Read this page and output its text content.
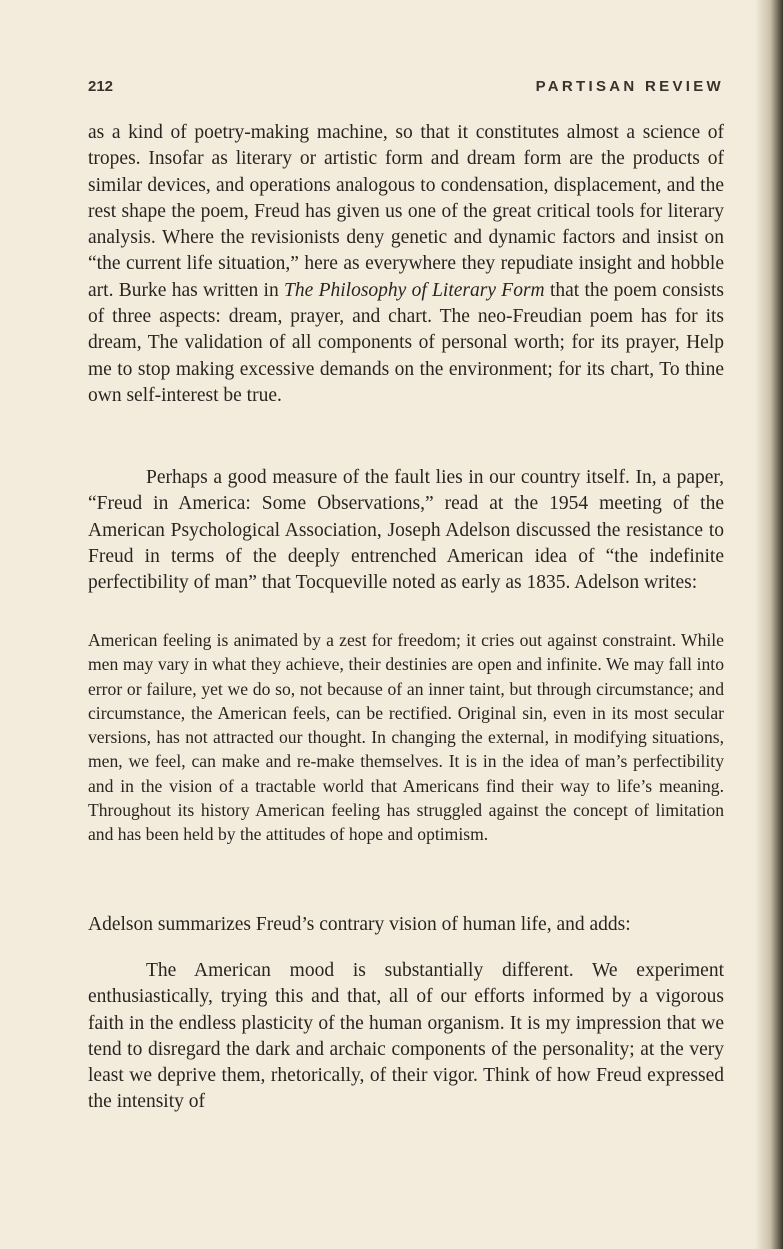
212	PARTISAN REVIEW

as a kind of poetry-making machine, so that it constitutes almost a science of tropes. Insofar as literary or artistic form and dream form are the products of similar devices, and operations analogous to condensation, displacement, and the rest shape the poem, Freud has given us one of the great critical tools for literary analysis. Where the revisionists deny genetic and dynamic factors and insist on “the current life situation,” here as everywhere they repudiate insight and hobble art. Burke has written in The Philosophy of Literary Form that the poem consists of three aspects: dream, prayer, and chart. The neo-Freudian poem has for its dream, The validation of all components of personal worth; for its prayer, Help me to stop making excessive demands on the environment; for its chart, To thine own self-interest be true.

Perhaps a good measure of the fault lies in our country itself. In, a paper, “Freud in America: Some Observations,” read at the 1954 meeting of the American Psychological Association, Joseph Adelson discussed the resistance to Freud in terms of the deeply entrenched American idea of “the indefinite perfectibility of man” that Tocqueville noted as early as 1835. Adelson writes:

American feeling is animated by a zest for freedom; it cries out against constraint. While men may vary in what they achieve, their destinies are open and infinite. We may fall into error or failure, yet we do so, not because of an inner taint, but through circumstance; and circumstance, the American feels, can be rectified. Original sin, even in its most secular versions, has not attracted our thought. In changing the external, in modifying situations, men, we feel, can make and re-make themselves. It is in the idea of man’s perfectibility and in the vision of a tractable world that Americans find their way to life’s meaning. Throughout its history American feeling has struggled against the concept of limitation and has been held by the attitudes of hope and optimism.

Adelson summarizes Freud’s contrary vision of human life, and adds:

The American mood is substantially different. We experiment enthusiastically, trying this and that, all of our efforts informed by a vigorous faith in the endless plasticity of the human organism. It is my impression that we tend to disregard the dark and archaic components of the personality; at the very least we deprive them, rhetorically, of their vigor. Think of how Freud expressed the intensity of
